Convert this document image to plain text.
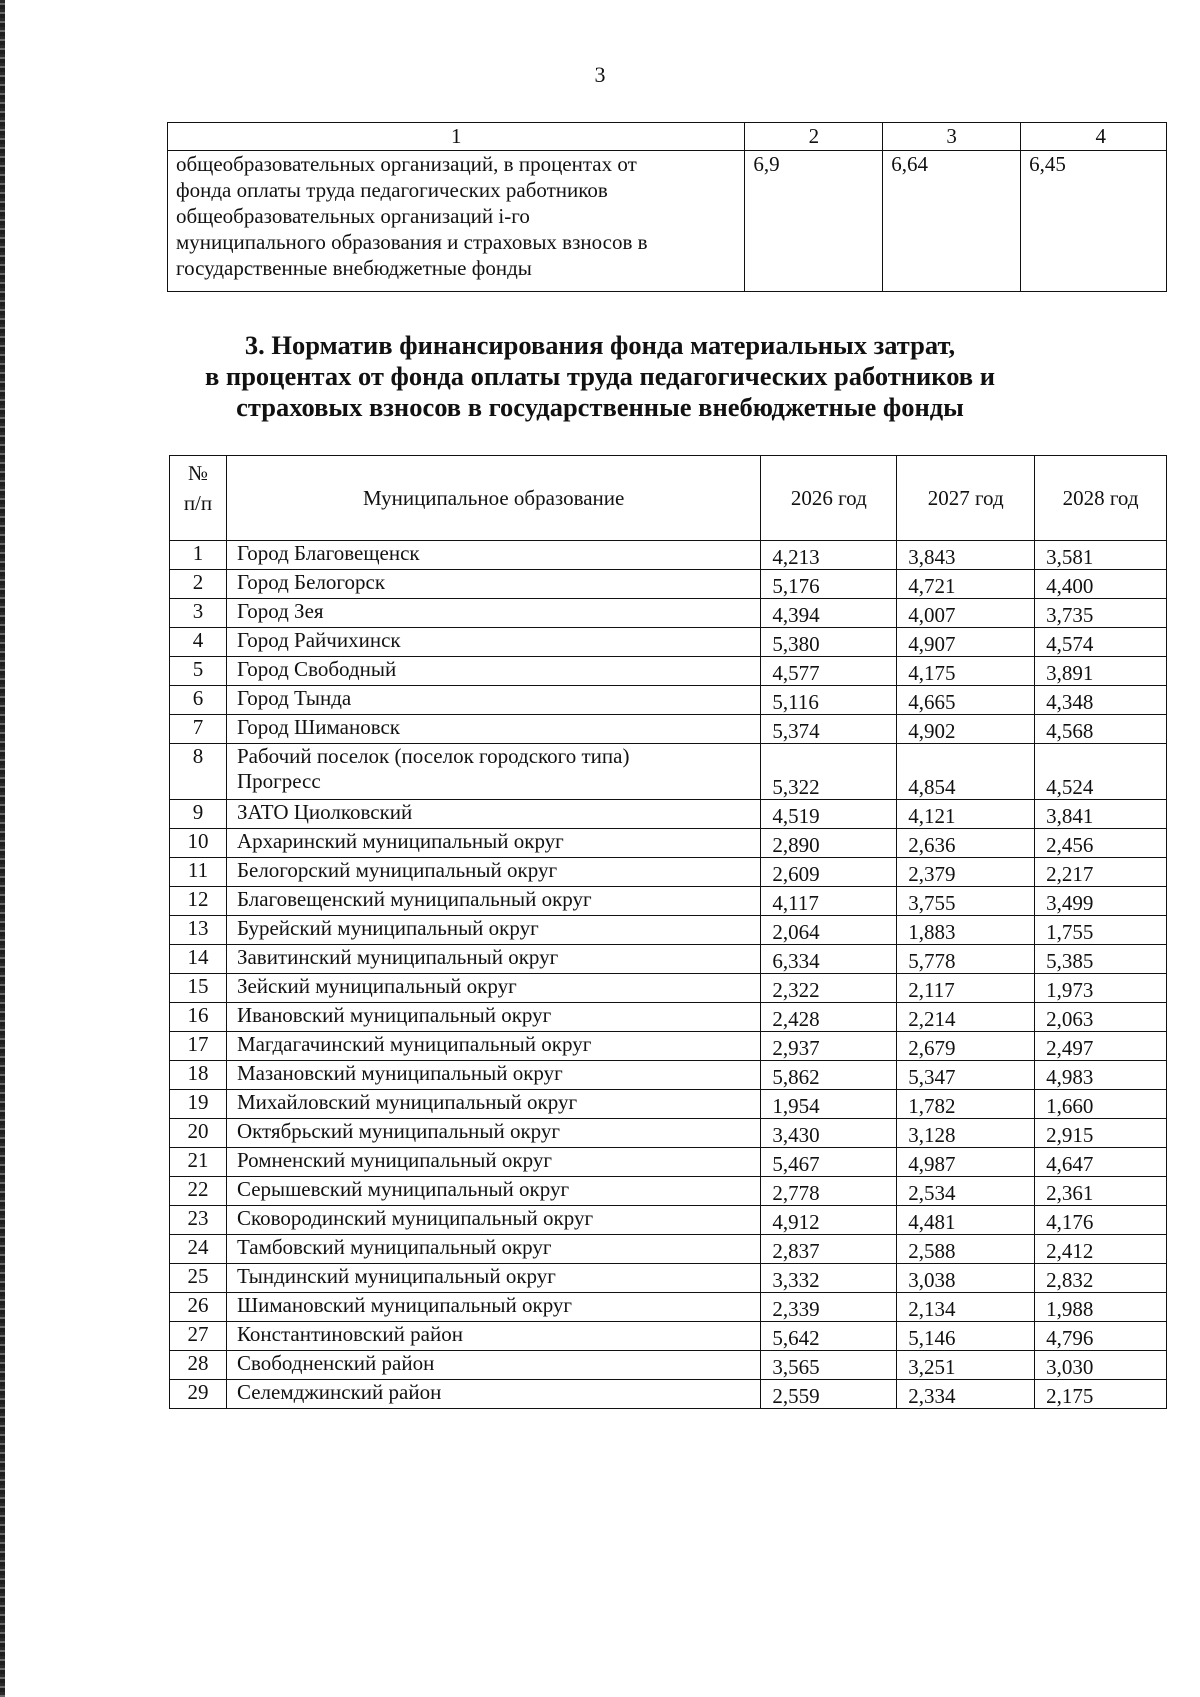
3
1	2	3	4

общеобразовательных организаций, в процентах от
фонда оплаты труда педагогических работников
общеобразовательных организаций i-го
муниципального образования и страховых взносов в
государственные внебюджетные фонды	6,9	6,64	6,45
3. Норматив финансирования фонда материальных затрат,
в процентах от фонда оплаты труда педагогических работников и
страховых взносов в государственные внебюджетные фонды
№
п/п	Муниципальное образование	2026 год	2027 год	2028 год
1	Город Благовещенск	4,213	3,843	3,581
2	Город Белогорск	5,176	4,721	4,400
3	Город Зея	4,394	4,007	3,735
4	Город Райчихинск	5,380	4,907	4,574
5	Город Свободный	4,577	4,175	3,891
6	Город Тында	5,116	4,665	4,348
7	Город Шимановск	5,374	4,902	4,568
8	Рабочий поселок (поселок городского типа)
Прогресс	5,322	4,854	4,524
9	ЗАТО Циолковский	4,519	4,121	3,841
10	Архаринский муниципальный округ	2,890	2,636	2,456
11	Белогорский муниципальный округ	2,609	2,379	2,217
12	Благовещенский муниципальный округ	4,117	3,755	3,499
13	Бурейский муниципальный округ	2,064	1,883	1,755
14	Завитинский муниципальный округ	6,334	5,778	5,385
15	Зейский муниципальный округ	2,322	2,117	1,973
16	Ивановский муниципальный округ	2,428	2,214	2,063
17	Магдагачинский муниципальный округ	2,937	2,679	2,497
18	Мазановский муниципальный округ	5,862	5,347	4,983
19	Михайловский муниципальный округ	1,954	1,782	1,660
20	Октябрьский муниципальный округ	3,430	3,128	2,915
21	Ромненский муниципальный округ	5,467	4,987	4,647
22	Серышевский муниципальный округ	2,778	2,534	2,361
23	Сковородинский муниципальный округ	4,912	4,481	4,176
24	Тамбовский муниципальный округ	2,837	2,588	2,412
25	Тындинский муниципальный округ	3,332	3,038	2,832
26	Шимановский муниципальный округ	2,339	2,134	1,988
27	Константиновский район	5,642	5,146	4,796
28	Свободненский район	3,565	3,251	3,030
29	Селемджинский район	2,559	2,334	2,175
